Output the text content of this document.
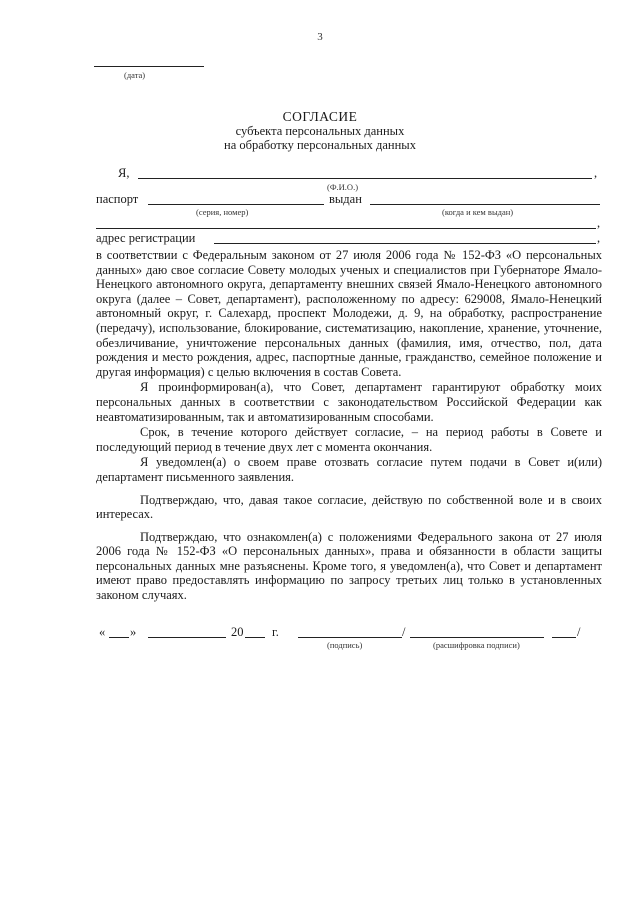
3
(дата)
СОГЛАСИЕ
субъекта персональных данных
на обработку персональных данных
Я,	,
(Ф.И.О.)
паспорт	выдан
(серия, номер)	(когда и кем выдан)
,
адрес регистрации	,

в соответствии с Федеральным законом от 27 июля 2006 года № 152-ФЗ «О персональных данных» даю свое согласие Совету молодых ученых и специалистов при Губернаторе Ямало-Ненецкого автономного округа, департаменту внешних связей Ямало-Ненецкого автономного округа (далее – Совет, департамент), расположенному по адресу: 629008, Ямало-Ненецкий автономный округ, г. Салехард, проспект Молодежи, д. 9, на обработку, распространение (передачу), использование, блокирование, систематизацию, накопление, хранение, уточнение, обезличивание, уничтожение персональных данных (фамилия, имя, отчество, пол, дата рождения и место рождения, адрес, паспортные данные, гражданство, семейное положение и другая информация) с целью включения в состав Совета.

Я проинформирован(а), что Совет, департамент гарантируют обработку моих персональных данных в соответствии с законодательством Российской Федерации как неавтоматизированным, так и автоматизированным способами.

Срок, в течение которого действует согласие, – на период работы в Совете и последующий период в течение двух лет с момента окончания.

Я уведомлен(а) о своем праве отозвать согласие путем подачи в Совет и(или) департамент письменного заявления.

Подтверждаю, что, давая такое согласие, действую по собственной воле и в своих интересах.

Подтверждаю, что ознакомлен(а) с положениями Федерального закона от 27 июля 2006 года № 152-ФЗ «О персональных данных», права и обязанности в области защиты персональных данных мне разъяснены. Кроме того, я уведомлен(а), что Совет и департамент имеют право предоставлять информацию по запросу третьих лиц только в установленных законом случаях.

« »	20 г.	/	/
(подпись)	(расшифровка подписи)
